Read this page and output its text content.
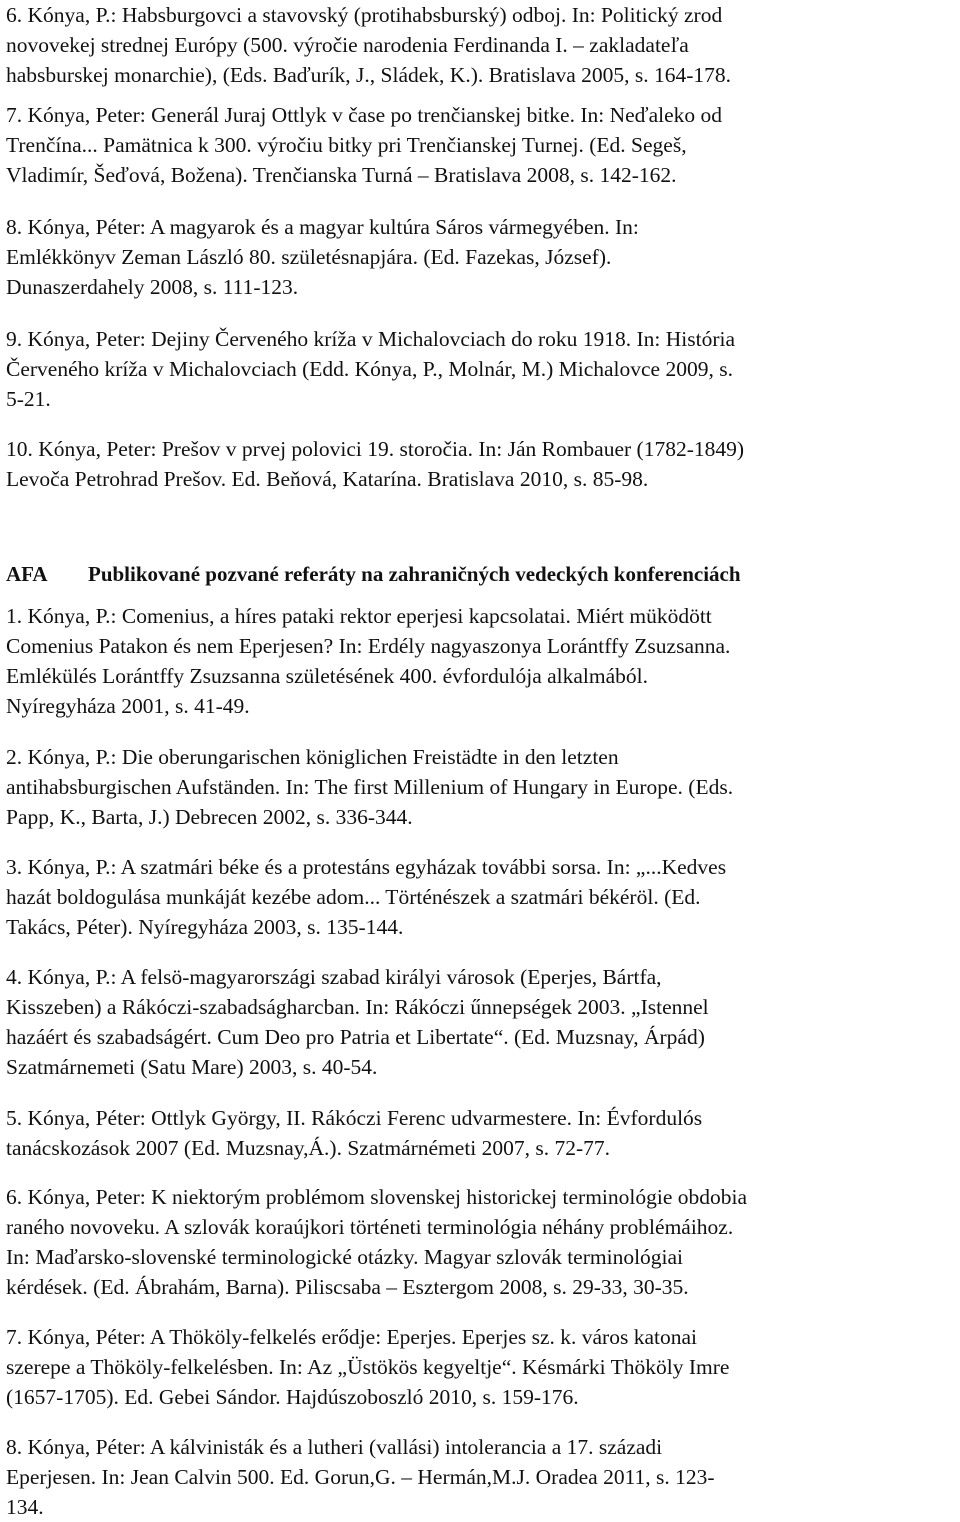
6. Kónya, P.: Habsburgovci a stavovský (protihabsburský) odboj. In: Politický zrod
novovekej strednej Európy (500. výročie narodenia Ferdinanda I. – zakladateľa
habsburskej monarchie), (Eds. Baďurík, J., Sládek, K.). Bratislava 2005, s. 164-178.
7. Kónya, Peter: Generál Juraj Ottlyk v čase po trenčianskej bitke. In: Neďaleko od
Trenčína... Pamätnica k 300. výročiu bitky pri Trenčianskej Turnej. (Ed. Segeš,
Vladimír, Šeďová, Božena). Trenčianska Turná – Bratislava 2008, s. 142-162.
8. Kónya, Péter: A magyarok és a magyar kultúra Sáros vármegyében. In:
Emlékkönyv Zeman László 80. születésnapjára. (Ed. Fazekas, József).
Dunaszerdahely 2008, s. 111-123.
9. Kónya, Peter: Dejiny Červeného kríža v Michalovciach do roku 1918. In: História
Červeného kríža v Michalovciach (Edd. Kónya, P., Molnár, M.) Michalovce 2009, s.
5-21.
10. Kónya, Peter: Prešov v prvej polovici 19. storočia. In: Ján Rombauer (1782-1849)
Levoča Petrohrad Prešov. Ed. Beňová, Katarína. Bratislava 2010, s. 85-98.
AFA Publikované pozvané referáty na zahraničných vedeckých konferenciách
1. Kónya, P.: Comenius, a híres pataki rektor eperjesi kapcsolatai. Miért müködött
Comenius Patakon és nem Eperjesen? In: Erdély nagyaszonya Lorántffy Zsuzsanna.
Emlékülés Lorántffy Zsuzsanna születésének 400. évfordulója alkalmából.
Nyíregyháza 2001, s. 41-49.
2. Kónya, P.: Die oberungarischen königlichen Freistädte in den letzten
antihabsburgischen Aufständen. In: The first Millenium of Hungary in Europe. (Eds.
Papp, K., Barta, J.) Debrecen 2002, s. 336-344.
3. Kónya, P.: A szatmári béke és a protestáns egyházak további sorsa. In: „...Kedves
hazát boldogulása munkáját kezébe adom... Történészek a szatmári békéröl. (Ed.
Takács, Péter). Nyíregyháza 2003, s. 135-144.
4. Kónya, P.: A felsö-magyarországi szabad királyi városok (Eperjes, Bártfa,
Kisszeben) a Rákóczi-szabadságharcban. In: Rákóczi űnnepségek 2003. „Istennel
hazáért és szabadságért. Cum Deo pro Patria et Libertate“. (Ed. Muzsnay, Árpád)
Szatmárnemeti (Satu Mare) 2003, s. 40-54.
5. Kónya, Péter: Ottlyk György, II. Rákóczi Ferenc udvarmestere. In: Évfordulós
tanácskozások 2007 (Ed. Muzsnay,Á.). Szatmárnémeti 2007, s. 72-77.
6. Kónya, Peter: K niektorým problémom slovenskej historickej terminológie obdobia
raného novoveku. A szlovák koraújkori történeti terminológia néhány problémáihoz.
In: Maďarsko-slovenské terminologické otázky. Magyar szlovák terminológiai
kérdések. (Ed. Ábrahám, Barna). Piliscsaba – Esztergom 2008, s. 29-33, 30-35.
7. Kónya, Péter: A Thököly-felkelés erődje: Eperjes. Eperjes sz. k. város katonai
szerepe a Thököly-felkelésben. In: Az „Üstökös kegyeltje“. Késmárki Thököly Imre
(1657-1705). Ed. Gebei Sándor. Hajdúszoboszló 2010, s. 159-176.
8. Kónya, Péter: A kálvinisták és a lutheri (vallási) intolerancia a 17. századi
Eperjesen. In: Jean Calvin 500. Ed. Gorun,G. – Hermán,M.J. Oradea 2011, s. 123-
134.
